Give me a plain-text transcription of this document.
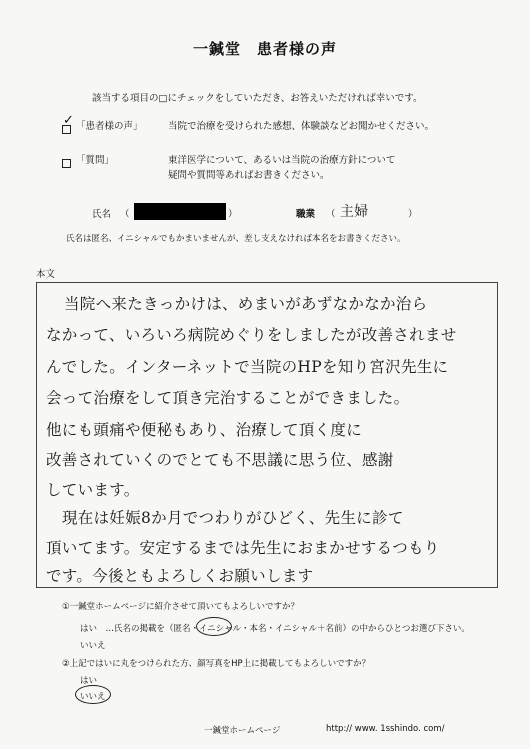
一鍼堂　患者様の声
該当する項目の□にチェックをしていただき、お答えいただければ幸いです。
✓ 「患者様の声」	当院で治療を受けられた感想、体験談などお聞かせください。
「質問」	東洋医学について、あるいは当院の治療方針について
疑問や質問等あればお書きください。
氏名 （	）	職業 （ 主婦	）
氏名は匿名、イニシャルでもかまいませんが、差し支えなければ本名をお書きください。
本文
当院へ来たきっかけは、めまいがあずなかなか治ら
なかって、いろいろ病院めぐりをしましたが改善されませ
んでした。インターネットで当院のHPを知り宮沢先生に
会って治療をして頂き完治することができました。
他にも頭痛や便秘もあり、治療して頂く度に
改善されていくのでとても不思議に思う位、感謝
しています。
現在は妊娠8か月でつわりがひどく、先生に診て
頂いてます。安定するまでは先生におまかせするつもり
です。今後ともよろしくお願いします
①一鍼堂ホームページに紹介させて頂いてもよろしいですか？
はい　…氏名の掲載を（匿名・イニシャル・本名・イニシャル＋名前）の中からひとつお選び下さい。
いいえ
②上記ではいに丸をつけられた方、顔写真をHP上に掲載してもよろしいですか？
はい
いいえ
一鍼堂ホームページ	http:// www. 1sshindo. com/
